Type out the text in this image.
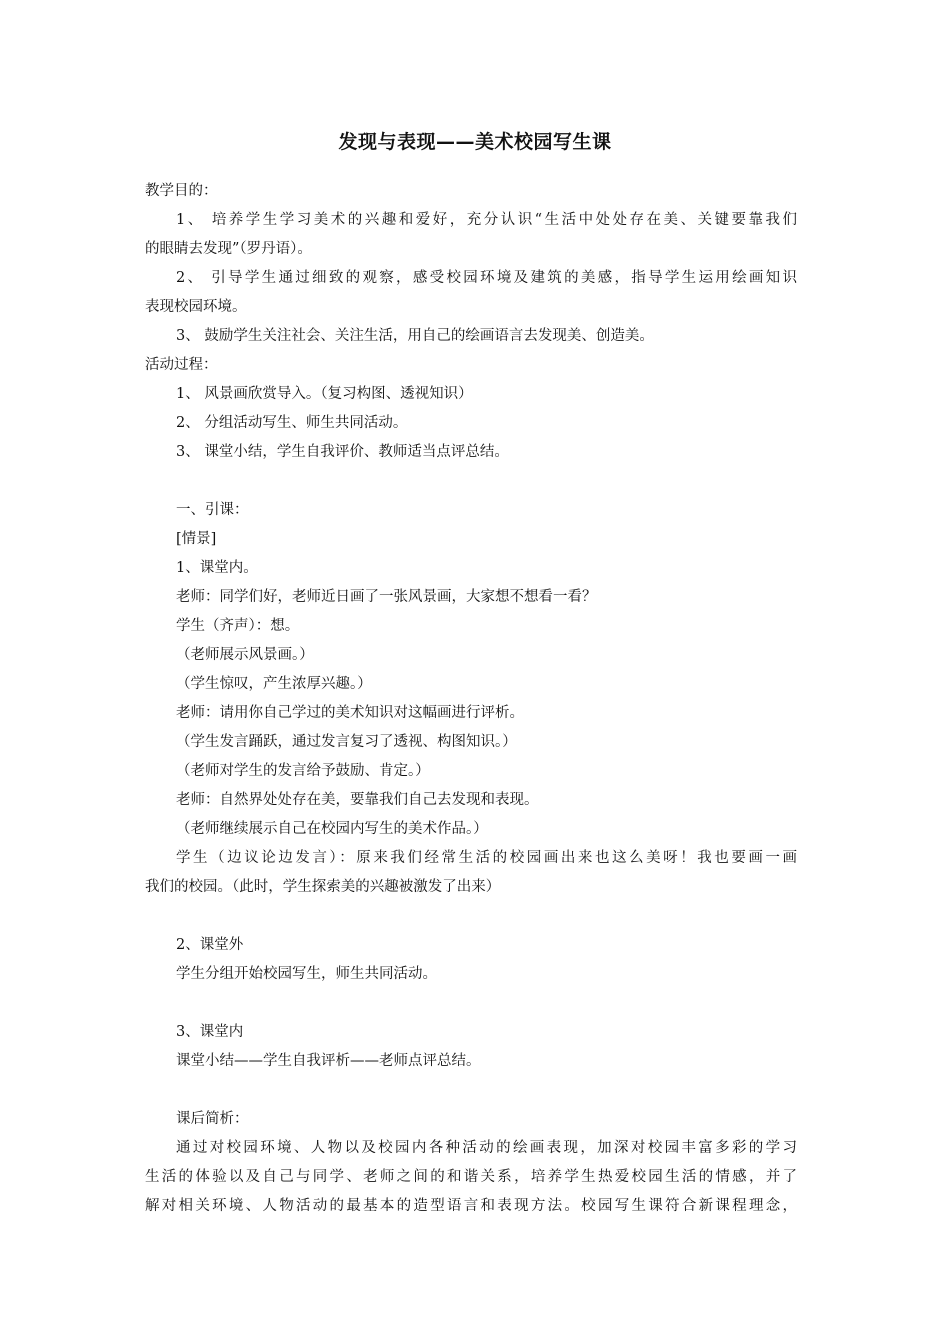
发现与表现——美术校园写生课
教学目的：
1、 培养学生学习美术的兴趣和爱好，充分认识“生活中处处存在美、关键要靠我们
的眼睛去发现”（罗丹语）。
2、 引导学生通过细致的观察，感受校园环境及建筑的美感，指导学生运用绘画知识
表现校园环境。
3、 鼓励学生关注社会、关注生活，用自己的绘画语言去发现美、创造美。
活动过程：
1、 风景画欣赏导入。（复习构图、透视知识）
2、 分组活动写生、师生共同活动。
3、 课堂小结，学生自我评价、教师适当点评总结。
一、引课：
[情景]
1、课堂内。
老师：同学们好，老师近日画了一张风景画，大家想不想看一看？
学生（齐声）：想。
（老师展示风景画。）
（学生惊叹，产生浓厚兴趣。）
老师：请用你自己学过的美术知识对这幅画进行评析。
（学生发言踊跃，通过发言复习了透视、构图知识。）
（老师对学生的发言给予鼓励、肯定。）
老师：自然界处处存在美，要靠我们自己去发现和表现。
（老师继续展示自己在校园内写生的美术作品。）
学生（边议论边发言）：原来我们经常生活的校园画出来也这么美呀！我也要画一画
我们的校园。（此时，学生探索美的兴趣被激发了出来）
2、课堂外
学生分组开始校园写生，师生共同活动。
3、课堂内
课堂小结——学生自我评析——老师点评总结。
课后简析：
通过对校园环境、人物以及校园内各种活动的绘画表现，加深对校园丰富多彩的学习
生活的体验以及自己与同学、老师之间的和谐关系，培养学生热爱校园生活的情感，并了
解对相关环境、人物活动的最基本的造型语言和表现方法。校园写生课符合新课程理念，
